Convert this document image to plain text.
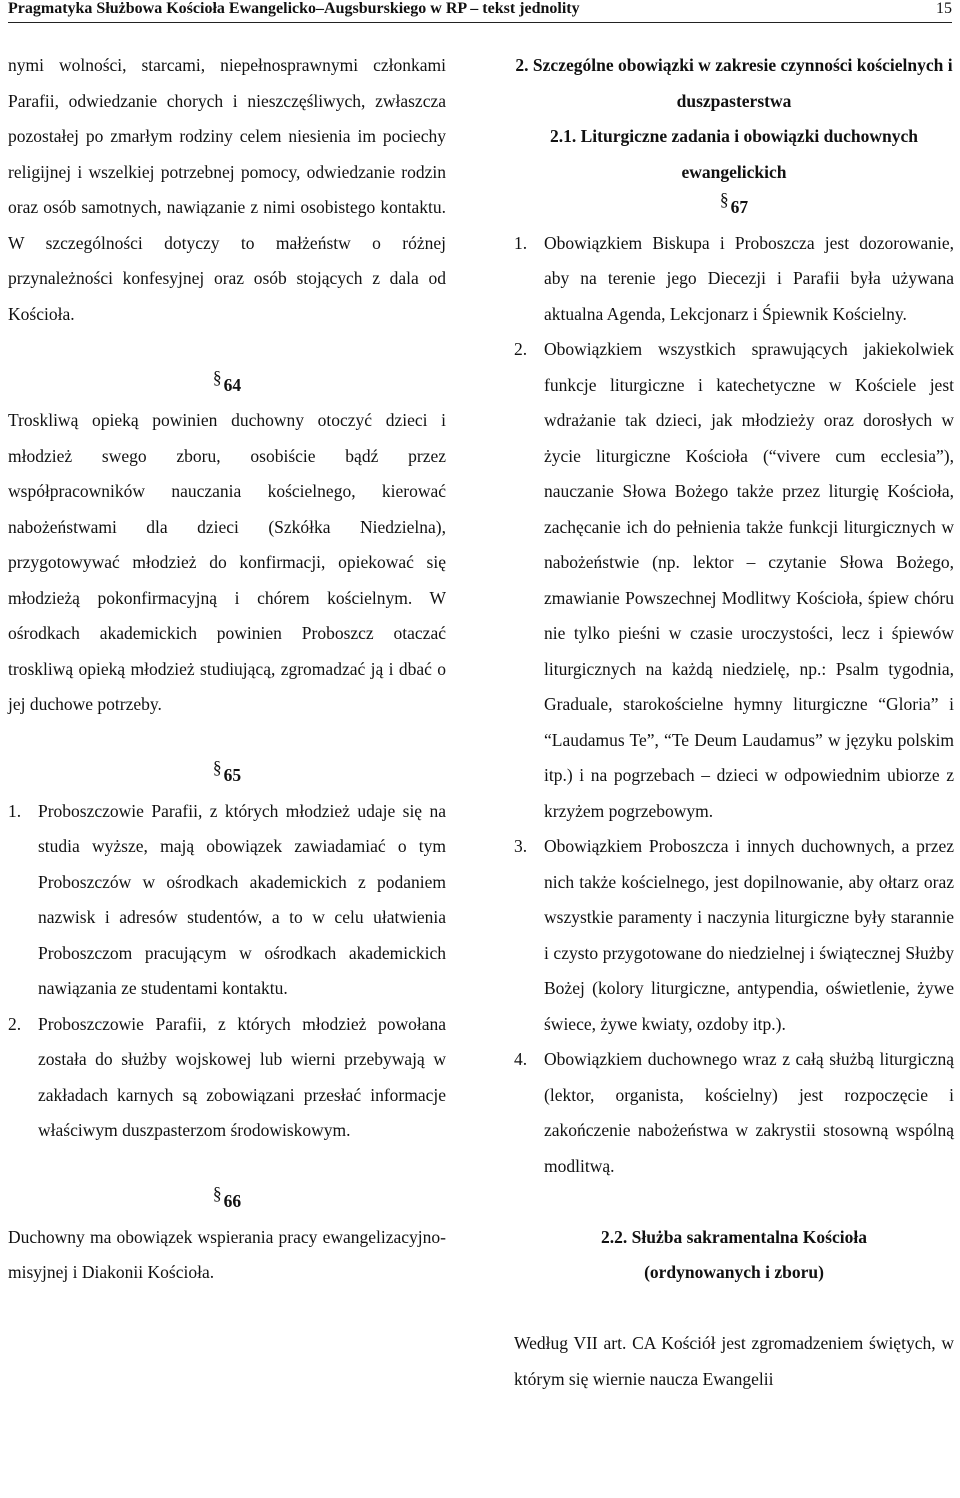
Pragmatyka Służbowa Kościoła Ewangelicko–Augsburskiego w RP – tekst jednolity	15

nymi wolności, starcami, niepełnosprawnymi członkami Parafii, odwiedzanie chorych i nieszczęśliwych, zwłaszcza pozostałej po zmarłym rodziny celem niesienia im pociechy religijnej i wszelkiej potrzebnej pomocy, odwiedzanie rodzin oraz osób samotnych, nawiązanie z nimi osobistego kontaktu. W szczególności dotyczy to małżeństw o różnej przynależności konfesyjnej oraz osób stojących z dala od Kościoła.

§ 64

Troskliwą opieką powinien duchowny otoczyć dzieci i młodzież swego zboru, osobiście bądź przez współpracowników nauczania kościelnego, kierować nabożeństwami dla dzieci (Szkółka Niedzielna), przygotowywać młodzież do konfirmacji, opiekować się młodzieżą pokonfirmacyjną i chórem kościelnym. W ośrodkach akademickich powinien Proboszcz otaczać troskliwą opieką młodzież studiującą, zgromadzać ją i dbać o jej duchowe potrzeby.

§ 65

1. Proboszczowie Parafii, z których młodzież udaje się na studia wyższe, mają obowiązek zawiadamiać o tym Proboszczów w ośrodkach akademickich z podaniem nazwisk i adresów studentów, a to w celu ułatwienia Proboszczom pracującym w ośrodkach akademickich nawiązania ze studentami kontaktu.
2. Proboszczowie Parafii, z których młodzież powołana została do służby wojskowej lub wierni przebywają w zakładach karnych są zobowiązani przesłać informacje właściwym duszpasterzom środowiskowym.

§ 66

Duchowny ma obowiązek wspierania pracy ewangelizacyjno-misyjnej i Diakonii Kościoła.

2. Szczególne obowiązki w zakresie czynności kościelnych i duszpasterstwa

2.1. Liturgiczne zadania i obowiązki duchownych ewangelickich

§ 67

1. Obowiązkiem Biskupa i Proboszcza jest dozorowanie, aby na terenie jego Diecezji i Parafii była używana aktualna Agenda, Lekcjonarz i Śpiewnik Kościelny.
2. Obowiązkiem wszystkich sprawujących jakiekolwiek funkcje liturgiczne i katechetyczne w Kościele jest wdrażanie tak dzieci, jak młodzieży oraz dorosłych w życie liturgiczne Kościoła (“vivere cum ecclesia”), nauczanie Słowa Bożego także przez liturgię Kościoła, zachęcanie ich do pełnienia także funkcji liturgicznych w nabożeństwie (np. lektor – czytanie Słowa Bożego, zmawianie Powszechnej Modlitwy Kościoła, śpiew chóru nie tylko pieśni w czasie uroczystości, lecz i śpiewów liturgicznych na każdą niedzielę, np.: Psalm tygodnia, Graduale, starokościelne hymny liturgiczne “Gloria” i “Laudamus Te”, “Te Deum Laudamus” w języku polskim itp.) i na pogrzebach – dzieci w odpowiednim ubiorze z krzyżem pogrzebowym.
3. Obowiązkiem Proboszcza i innych duchownych, a przez nich także kościelnego, jest dopilnowanie, aby ołtarz oraz wszystkie paramenty i naczynia liturgiczne były starannie i czysto przygotowane do niedzielnej i świątecznej Służby Bożej (kolory liturgiczne, antypendia, oświetlenie, żywe świece, żywe kwiaty, ozdoby itp.).
4. Obowiązkiem duchownego wraz z całą służbą liturgiczną (lektor, organista, kościelny) jest rozpoczęcie i zakończenie nabożeństwa w zakrystii stosowną wspólną modlitwą.

2.2. Służba sakramentalna Kościoła

(ordynowanych i zboru)

Według VII art. CA Kościół jest zgromadzeniem świętych, w którym się wiernie naucza Ewangelii
